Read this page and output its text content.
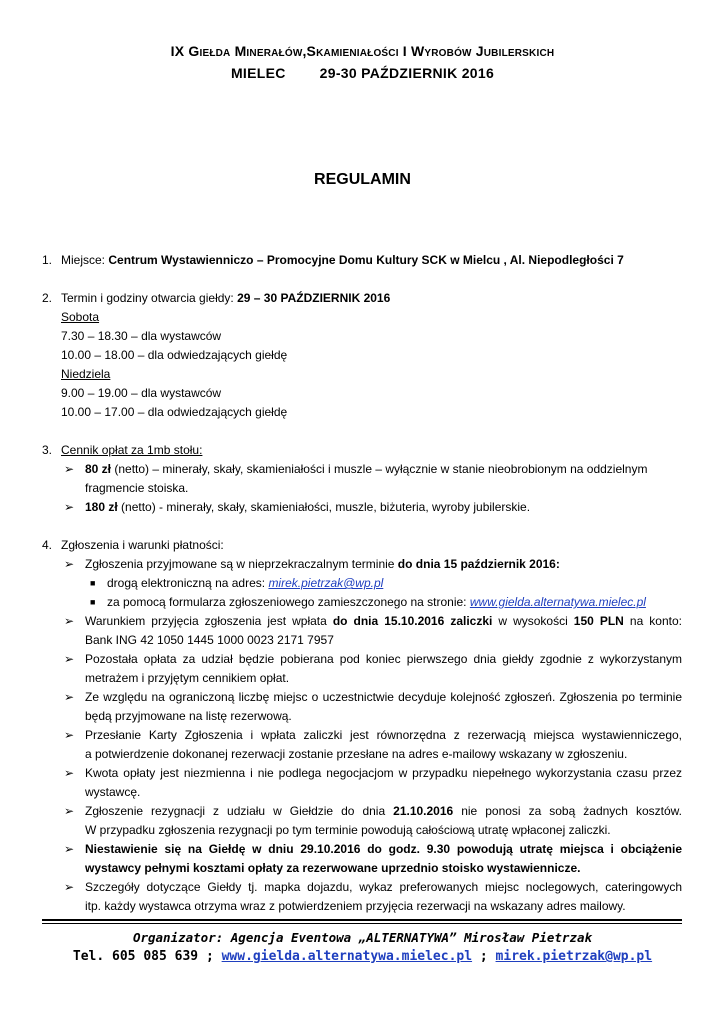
IX Giełda Minerałów,Skamieniałości I Wyrobów Jubilerskich
MIELEC 29-30 PAŹDZIERNIK 2016
REGULAMIN
1. Miejsce: Centrum Wystawienniczo – Promocyjne Domu Kultury SCK w Mielcu , Al. Niepodległości 7
2. Termin i godziny otwarcia giełdy: 29 – 30 PAŹDZIERNIK 2016
Sobota
7.30 – 18.30 – dla wystawców
10.00 – 18.00 – dla odwiedzających giełdę
Niedziela
9.00 – 19.00 – dla wystawców
10.00 – 17.00 – dla odwiedzających giełdę
3. Cennik opłat za 1mb stołu:
➢ 80 zł (netto) – minerały, skały, skamieniałości i muszle – wyłącznie w stanie nieobrobionym na oddzielnym
fragmencie stoiska.
➢ 180 zł (netto) - minerały, skały, skamieniałości, muszle, biżuteria, wyroby jubilerskie.
4. Zgłoszenia i warunki płatności:
➢ Zgłoszenia przyjmowane są w nieprzekraczalnym terminie do dnia 15 październik 2016:
■ drogą elektroniczną na adres: mirek.pietrzak@wp.pl
■ za pomocą formularza zgłoszeniowego zamieszczonego na stronie: www.gielda.alternatywa.mielec.pl
➢ Warunkiem przyjęcia zgłoszenia jest wpłata do dnia 15.10.2016 zaliczki w wysokości 150 PLN na konto:
Bank ING 42 1050 1445 1000 0023 2171 7957
➢ Pozostała opłata za udział będzie pobierana pod koniec pierwszego dnia giełdy zgodnie z wykorzystanym
metrażem i przyjętym cennikiem opłat.
➢ Ze względu na ograniczoną liczbę miejsc o uczestnictwie decyduje kolejność zgłoszeń. Zgłoszenia po terminie
będą przyjmowane na listę rezerwową.
➢ Przesłanie Karty Zgłoszenia i wpłata zaliczki jest równorzędna z rezerwacją miejsca wystawienniczego,
a potwierdzenie dokonanej rezerwacji zostanie przesłane na adres e-mailowy wskazany w zgłoszeniu.
➢ Kwota opłaty jest niezmienna i nie podlega negocjacjom w przypadku niepełnego wykorzystania czasu przez
wystawcę.
➢ Zgłoszenie rezygnacji z udziału w Giełdzie do dnia 21.10.2016 nie ponosi za sobą żadnych kosztów.
W przypadku zgłoszenia rezygnacji po tym terminie powodują całościową utratę wpłaconej zaliczki.
➢ Niestawienie się na Giełdę w dniu 29.10.2016 do godz. 9.30 powodują utratę miejsca i obciążenie
wystawcy pełnymi kosztami opłaty za rezerwowane uprzednio stoisko wystawiennicze.
➢ Szczegóły dotyczące Giełdy tj. mapka dojazdu, wykaz preferowanych miejsc noclegowych, cateringowych
itp. każdy wystawca otrzyma wraz z potwierdzeniem przyjęcia rezerwacji na wskazany adres mailowy.
Organizator: Agencja Eventowa „ALTERNATYWA” Mirosław Pietrzak
Tel. 605 085 639 ; www.gielda.alternatywa.mielec.pl ; mirek.pietrzak@wp.pl
